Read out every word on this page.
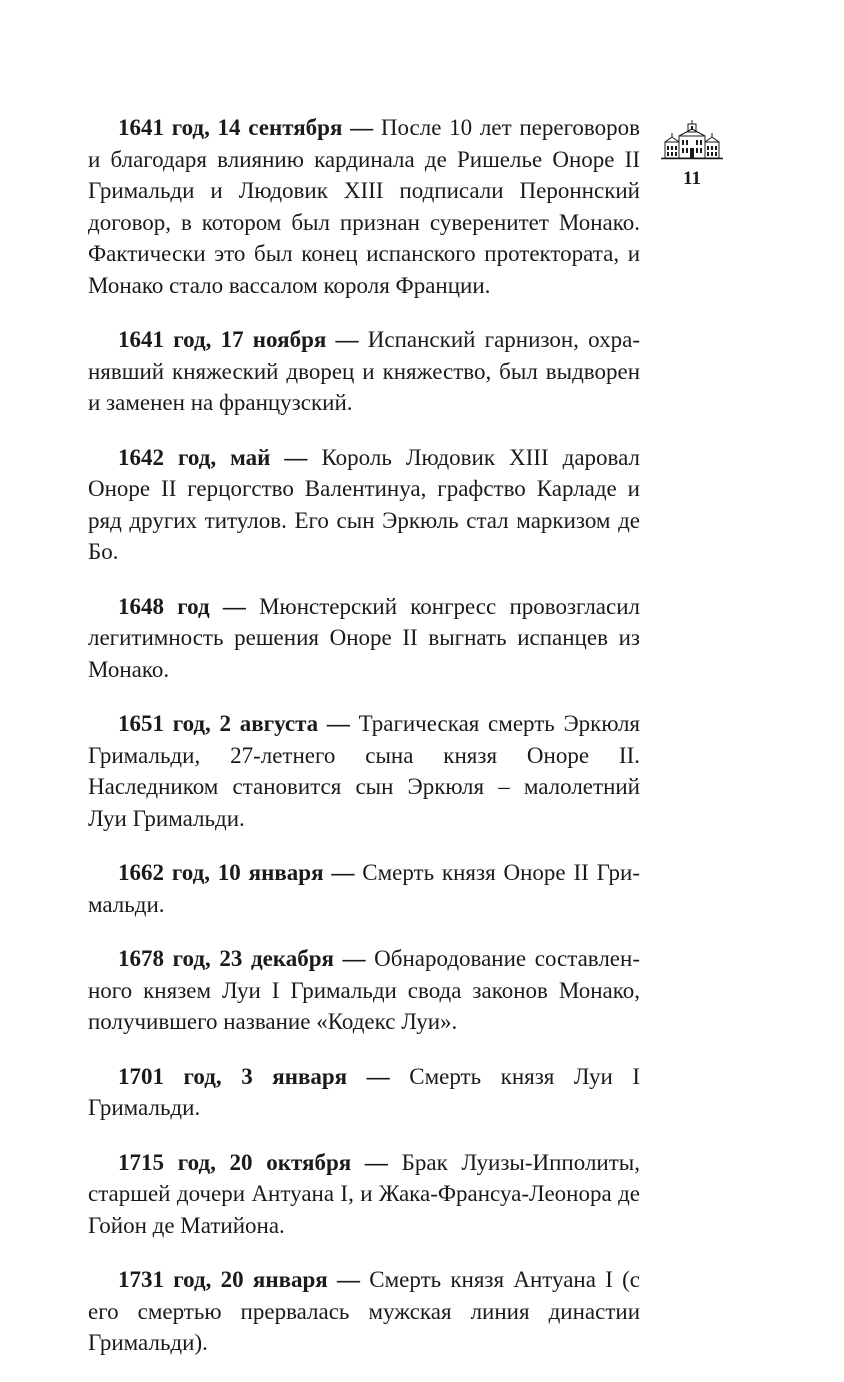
1641 год, 14 сентября — После 10 лет переговоров и благодаря влиянию кардинала де Ришелье Оноре II Гримальди и Людовик XIII подписали Пероннский договор, в котором был признан суверенитет Монако. Фактически это был конец испанского протектората, и Монако стало вассалом короля Франции.

1641 год, 17 ноября — Испанский гарнизон, охранявший княжеский дворец и княжество, был выдворен и заменен на французский.

1642 год, май — Король Людовик XIII даровал Оноре II герцогство Валентинуа, графство Карладе и ряд других титулов. Его сын Эркюль стал маркизом де Бо.

1648 год — Мюнстерский конгресс провозгласил легитимность решения Оноре II выгнать испанцев из Монако.

1651 год, 2 августа — Трагическая смерть Эркюля Гримальди, 27-летнего сына князя Оноре II. Наследником становится сын Эркюля – малолетний Луи Гримальди.

1662 год, 10 января — Смерть князя Оноре II Гримальди.

1678 год, 23 декабря — Обнародование составленного князем Луи I Гримальди свода законов Монако, получившего название «Кодекс Луи».

1701 год, 3 января — Смерть князя Луи I Гримальди.

1715 год, 20 октября — Брак Луизы-Ипполиты, старшей дочери Антуана I, и Жака-Франсуа-Леонора де Гойон де Матийона.

1731 год, 20 января — Смерть князя Антуана I (с его смертью прервалась мужская линия династии Гримальди).

11
